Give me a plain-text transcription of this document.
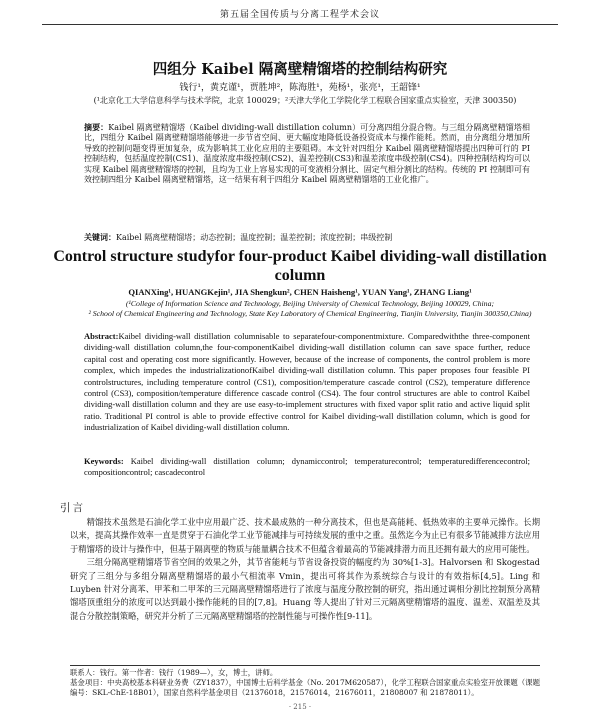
第五届全国传质与分离工程学术会议
四组分 Kaibel 隔离壁精馏塔的控制结构研究
钱行¹，黄克谨¹，贾胜坤²，陈海胜¹，苑杨¹，张亮¹，王韶锋¹
(¹北京化工大学信息科学与技术学院，北京 100029；²天津大学化工学院化学工程联合国家重点实验室，天津 300350)
摘要：Kaibel 隔离壁精馏塔（Kaibel dividing-wall distillation column）可分离四组分混合物。与三组分隔离壁精馏塔相比，四组分 Kaibel 隔离壁精馏塔能够进一步节省空间、更大幅度地降低设备投资成本与操作能耗。然而，由分离组分增加所导致的控制问题变得更加复杂，成为影响其工业化应用的主要阻碍。本文针对四组分 Kaibel 隔离壁精馏塔提出四种可行的 PI 控制结构，包括温度控制(CS1)、温度浓度串级控制(CS2)、温差控制(CS3)和温差浓度串级控制(CS4)。四种控制结构均可以实现 Kaibel 隔离壁精馏塔的控制，且均为工业上容易实现的可变液相分割比、固定气相分割比的结构。传统的 PI 控制即可有效控制四组分 Kaibel 隔离壁精馏塔，这一结果有利于四组分 Kaibel 隔离壁精馏塔的工业化推广。
关键词：Kaibel 隔离壁精馏塔；动态控制；温度控制；温差控制；浓度控制；串级控制
Control structure studyfor four-product Kaibel dividing-wall distillation column
QIANXing¹, HUANGKejin¹, JIA Shengkun², CHEN Haisheng¹, YUAN Yang¹, ZHANG Liang¹
(¹College of Information Science and Technology, Beijing University of Chemical Technology, Beijing 100029, China;
² School of Chemical Engineering and Technology, State Key Laboratory of Chemical Engineering, Tianjin University, Tianjin 300350,China)
Abstract:Kaibel dividing-wall distillation columnisable to separatefour-componentmixture. Comparedwiththe three-component dividing-wall distillation column,the four-componentKaibel dividing-wall distillation column can save space further, reduce capital cost and operating cost more significantly. However, because of the increase of components, the control problem is more complex, which impedes the industrializationofKaibel dividing-wall distillation column. This paper proposes four feasible PI controlstructures, including temperature control (CS1), composition/temperature cascade control (CS2), temperature difference control (CS3), composition/temperature difference cascade control (CS4). The four control structures are able to control Kaibel dividing-wall distillation column and they are use easy-to-implement structures with fixed vapor split ratio and active liquid split ratio. Traditional PI control is able to provide effective control for Kaibel dividing-wall distillation column, which is good for industrialization of Kaibel dividing-wall distillation column.
Keywords: Kaibel dividing-wall distillation column; dynamiccontrol; temperaturecontrol; temperaturedifferencecontrol; compositioncontrol; cascadecontrol
引言

精馏技术虽然是石油化学工业中应用最广泛、技术最成熟的一种分离技术，但也是高能耗、低热效率的主要单元操作。长期以来，提高其操作效率一直是贯穿于石油化学工业节能减排与可持续发展的重中之重。虽然迄今为止已有很多节能减排方法应用于精馏塔的设计与操作中，但基于隔离壁的物质与能量耦合技术不但蕴含着最高的节能减排潜力而且还拥有最大的应用可能性。

三组分隔离壁精馏塔节省空间的效果之外，其节省能耗与节省设备投资的幅度约为 30%[1-3]。Halvorsen 和 Skogestad 研究了三组分与多组分隔离壁精馏塔的最小气相流率 Vmin，提出可将其作为系统综合与设计的有效指标[4,5]。Ling 和 Luyben 针对分离苯、甲苯和二甲苯的三元隔离壁精馏塔进行了浓度与温度分散控制的研究，指出通过调相分割比控制预分离精馏塔顶重组分的浓度可以达到最小操作能耗的目的[7,8]。Huang 等人提出了针对三元隔离壁精馏塔的温度、温差、双温差及其混合分散控制策略，研究并分析了三元隔离壁精馏塔的控制性能与可操作性[9-11]。

联系人：钱行。第一作者：钱行（1989—），女，博士，讲师。
基金项目：中央高校基本科研业务费（ZY1837），中国博士后科学基金（No. 2017M620587），化学工程联合国家重点实验室开放课题（课题编号：SKL-ChE-18B01），国家自然科学基金项目（21376018，21576014，21676011，21808007 和 21878011）。
· 215 ·
